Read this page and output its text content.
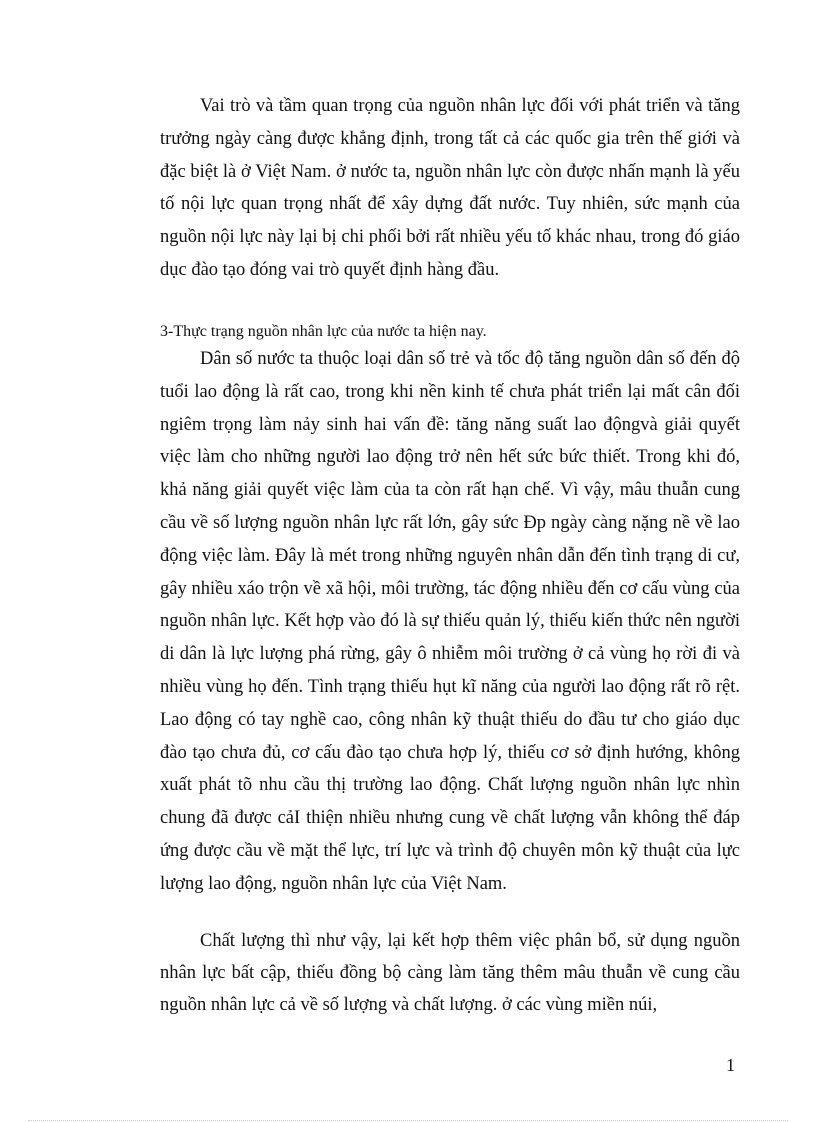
Vai trò và tầm quan trọng của nguồn nhân lực đối với phát triển và tăng trưởng ngày càng được khẳng định, trong tất cả các quốc gia trên thế giới và đặc biệt là ở Việt Nam. ở nước ta, nguồn nhân lực còn được nhấn mạnh là yếu tố nội lực quan trọng nhất để xây dựng đất nước. Tuy nhiên, sức mạnh của nguồn nội lực này lại bị chi phối bởi rất nhiều yếu tố khác nhau, trong đó giáo dục đào tạo đóng vai trò quyết định hàng đầu.

3-Thực trạng nguồn nhân lực của nước ta hiện nay.

Dân số nước ta thuộc loại dân số trẻ và tốc độ tăng nguồn dân số đến độ tuổi lao động là rất cao, trong khi nền kinh tế chưa phát triển lại mất cân đối ngiêm trọng làm nảy sinh hai vấn đề: tăng năng suất lao độngvà giải quyết việc làm cho những người lao động trở nên hết sức bức thiết. Trong khi đó, khả năng giải quyết việc làm của ta còn rất hạn chế. Vì vậy, mâu thuẫn cung cầu về số lượng nguồn nhân lực rất lớn, gây sức Ðp ngày càng nặng nề về lao động việc làm. Đây là mét trong những nguyên nhân dẫn đến tình trạng di cư, gây nhiều xáo trộn về xã hội, môi trường, tác động nhiều đến cơ cấu vùng của nguồn nhân lực. Kết hợp vào đó là sự thiếu quản lý, thiếu kiến thức nên người di dân là lực lượng phá rừng, gây ô nhiễm môi trường ở cả vùng họ rời đi và nhiều vùng họ đến. Tình trạng thiếu hụt kĩ năng của người lao động rất rõ rệt. Lao động có tay nghề cao, công nhân kỹ thuật thiếu do đầu tư cho giáo dục đào tạo chưa đủ, cơ cấu đào tạo chưa hợp lý, thiếu cơ sở định hướng, không xuất phát tõ nhu cầu thị trường lao động. Chất lượng nguồn nhân lực nhìn chung đã được cảI thiện nhiều nhưng cung về chất lượng vẫn không thể đáp ứng được cầu về mặt thể lực, trí lực và trình độ chuyên môn kỹ thuật của lực lượng lao động, nguồn nhân lực của Việt Nam.

Chất lượng thì như vậy, lại kết hợp thêm việc phân bổ, sử dụng nguồn nhân lực bất cập, thiếu đồng bộ càng làm tăng thêm mâu thuẫn về cung cầu nguồn nhân lực cả về số lượng và chất lượng. ở các vùng miền núi,

1
